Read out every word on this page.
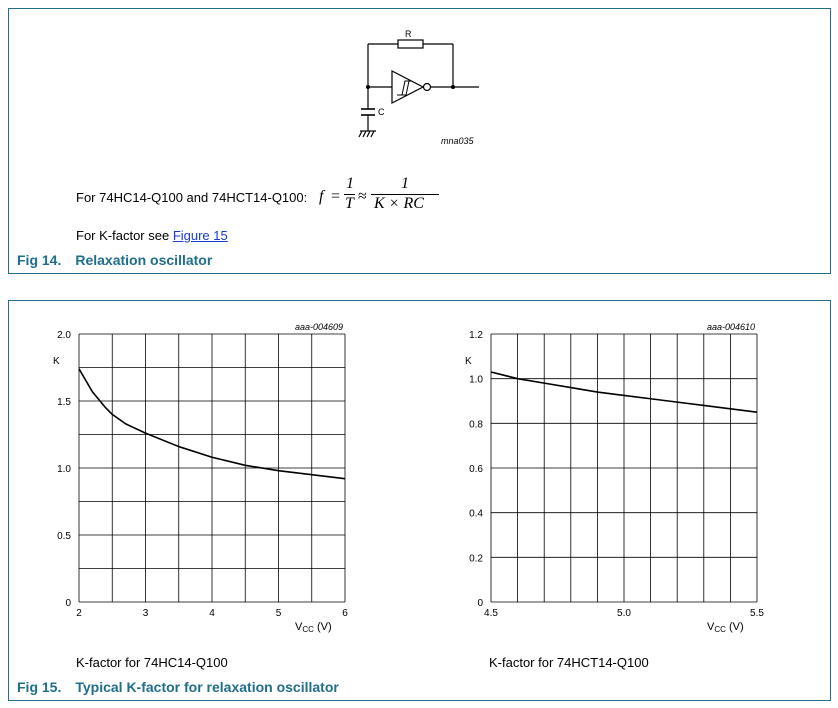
R
C
mna035
For 74HC14-Q100 and 74HCT14-Q100: f =
1
T ≈
1
K × RC
For K-factor see Figure 15
Fig 14. Relaxation oscillator
0
0.5
1.0
1.5
2.0
2	3	4	5	6
K
VCC (V)
aaa-004609
0
0.2
0.4
0.6
0.8
1.0
1.2
4.5	5.0	5.5
K
VCC (V)
aaa-004610
K-factor for 74HC14-Q100	K-factor for 74HCT14-Q100
Fig 15. Typical K-factor for relaxation oscillator
